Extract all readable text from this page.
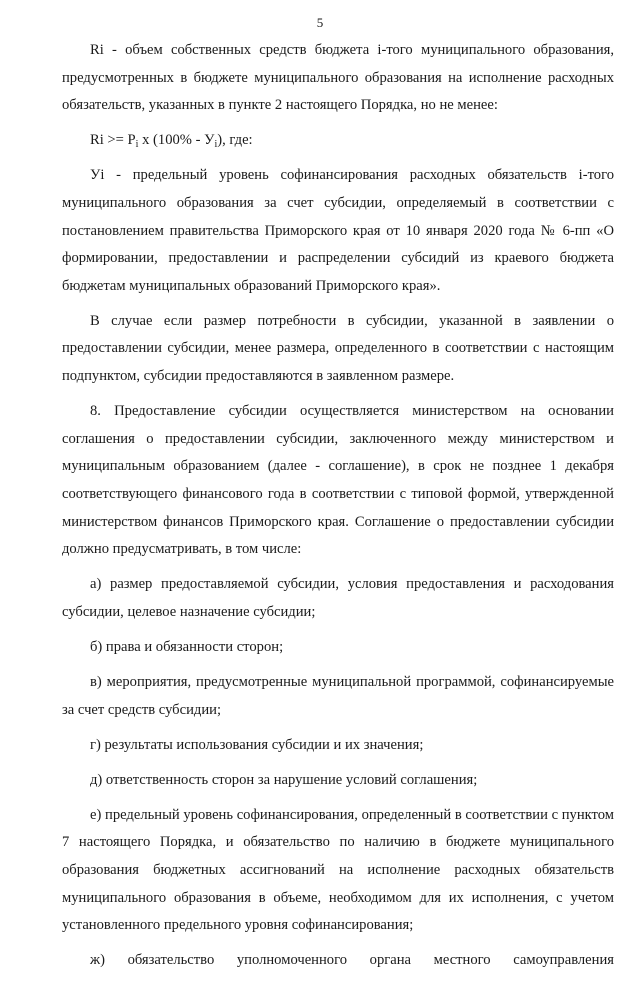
5

Ri - объем собственных средств бюджета i-того муниципального образования, предусмотренных в бюджете муниципального образования на исполнение расходных обязательств, указанных в пункте 2 настоящего Порядка, но не менее:

$Ri >= P_i$ x $(100\% - У_i)$, где:

Уi - предельный уровень софинансирования расходных обязательств i-того муниципального образования за счет субсидии, определяемый в соответствии с постановлением правительства Приморского края от 10 января 2020 года № 6-пп «О формировании, предоставлении и распределении субсидий из краевого бюджета бюджетам муниципальных образований Приморского края».

В случае если размер потребности в субсидии, указанной в заявлении о предоставлении субсидии, менее размера, определенного в соответствии с настоящим подпунктом, субсидии предоставляются в заявленном размере.

8. Предоставление субсидии осуществляется министерством на основании соглашения о предоставлении субсидии, заключенного между министерством и муниципальным образованием (далее - соглашение), в срок не позднее 1 декабря соответствующего финансового года в соответствии с типовой формой, утвержденной министерством финансов Приморского края. Соглашение о предоставлении субсидии должно предусматривать, в том числе:

а) размер предоставляемой субсидии, условия предоставления и расходования субсидии, целевое назначение субсидии;

б) права и обязанности сторон;

в) мероприятия, предусмотренные муниципальной программой, софинансируемые за счет средств субсидии;

г) результаты использования субсидии и их значения;

д) ответственность сторон за нарушение условий соглашения;

е) предельный уровень софинансирования, определенный в соответствии с пунктом 7 настоящего Порядка, и обязательство по наличию в бюджете муниципального образования бюджетных ассигнований на исполнение расходных обязательств муниципального образования в объеме, необходимом для их исполнения, с учетом установленного предельного уровня софинансирования;

ж) обязательство уполномоченного органа местного самоуправления
